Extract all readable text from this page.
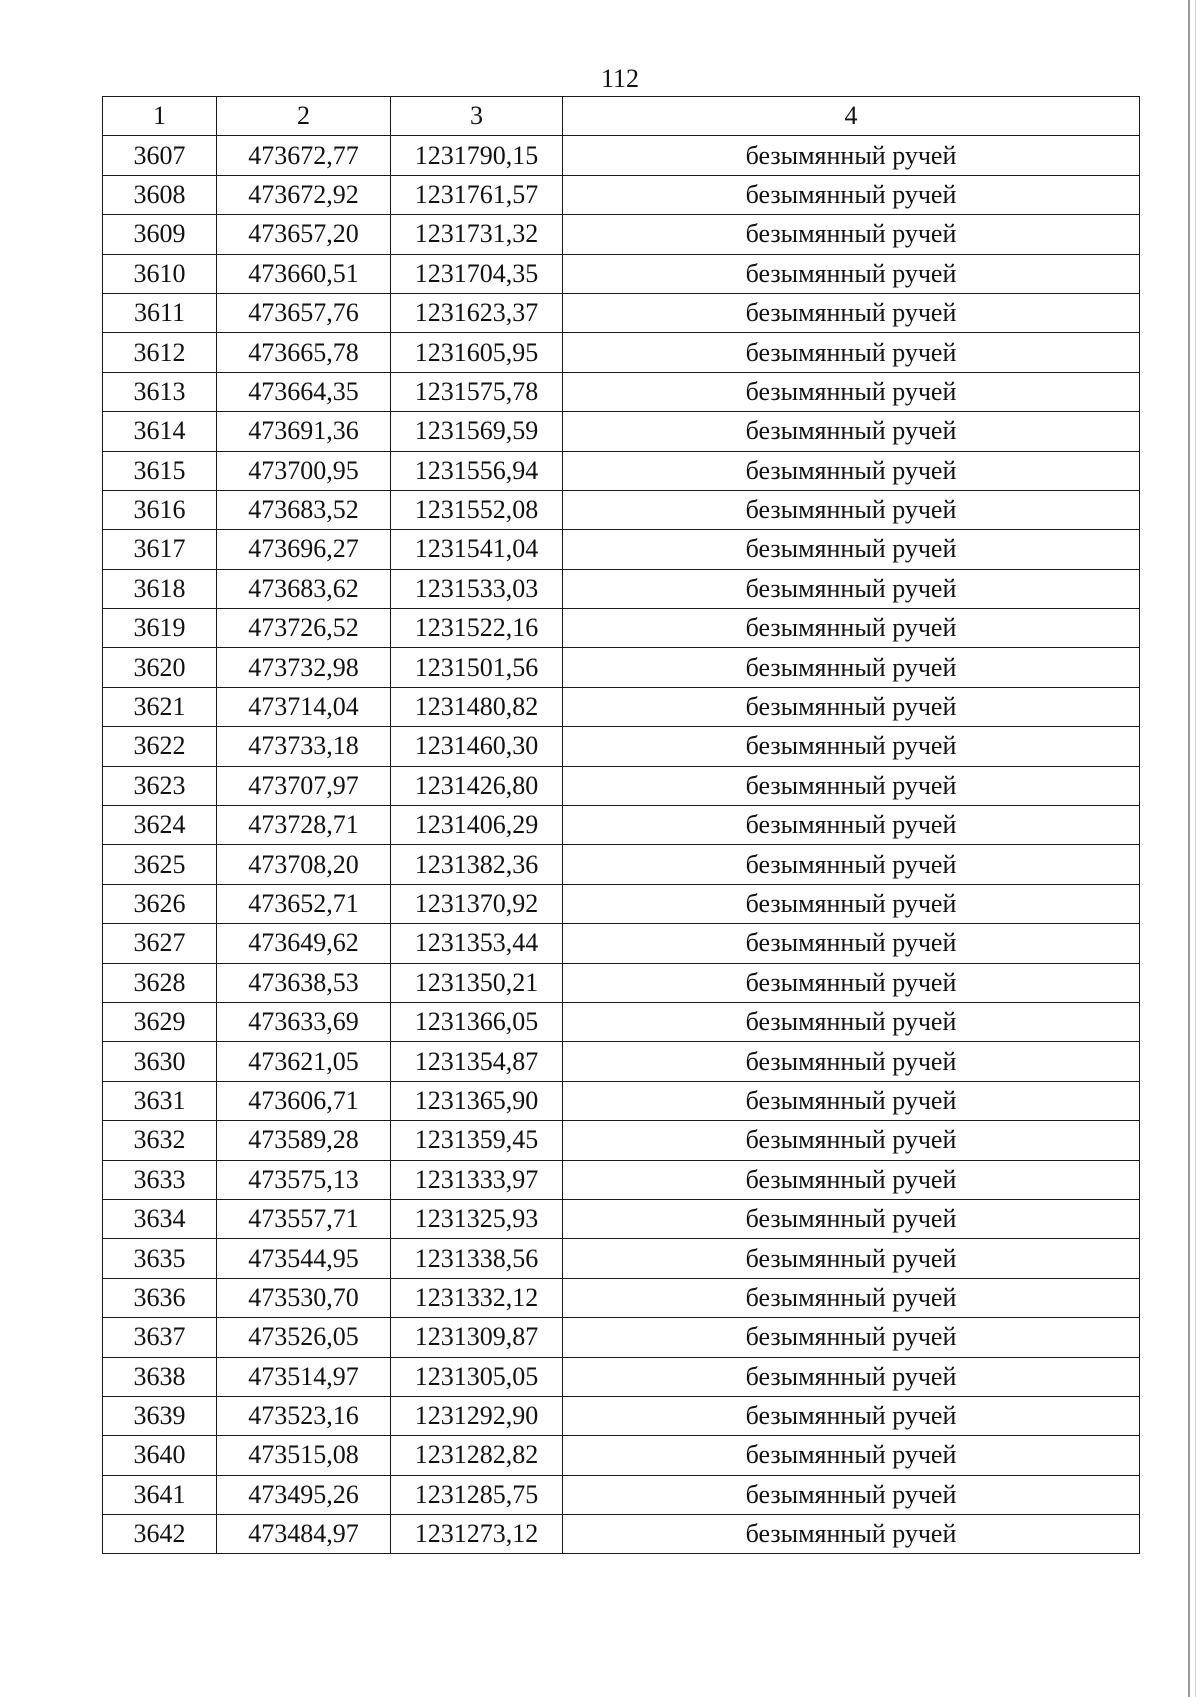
112
1	2	3	4
3607	473672,77	1231790,15	безымянный ручей
3608	473672,92	1231761,57	безымянный ручей
3609	473657,20	1231731,32	безымянный ручей
3610	473660,51	1231704,35	безымянный ручей
3611	473657,76	1231623,37	безымянный ручей
3612	473665,78	1231605,95	безымянный ручей
3613	473664,35	1231575,78	безымянный ручей
3614	473691,36	1231569,59	безымянный ручей
3615	473700,95	1231556,94	безымянный ручей
3616	473683,52	1231552,08	безымянный ручей
3617	473696,27	1231541,04	безымянный ручей
3618	473683,62	1231533,03	безымянный ручей
3619	473726,52	1231522,16	безымянный ручей
3620	473732,98	1231501,56	безымянный ручей
3621	473714,04	1231480,82	безымянный ручей
3622	473733,18	1231460,30	безымянный ручей
3623	473707,97	1231426,80	безымянный ручей
3624	473728,71	1231406,29	безымянный ручей
3625	473708,20	1231382,36	безымянный ручей
3626	473652,71	1231370,92	безымянный ручей
3627	473649,62	1231353,44	безымянный ручей
3628	473638,53	1231350,21	безымянный ручей
3629	473633,69	1231366,05	безымянный ручей
3630	473621,05	1231354,87	безымянный ручей
3631	473606,71	1231365,90	безымянный ручей
3632	473589,28	1231359,45	безымянный ручей
3633	473575,13	1231333,97	безымянный ручей
3634	473557,71	1231325,93	безымянный ручей
3635	473544,95	1231338,56	безымянный ручей
3636	473530,70	1231332,12	безымянный ручей
3637	473526,05	1231309,87	безымянный ручей
3638	473514,97	1231305,05	безымянный ручей
3639	473523,16	1231292,90	безымянный ручей
3640	473515,08	1231282,82	безымянный ручей
3641	473495,26	1231285,75	безымянный ручей
3642	473484,97	1231273,12	безымянный ручей
